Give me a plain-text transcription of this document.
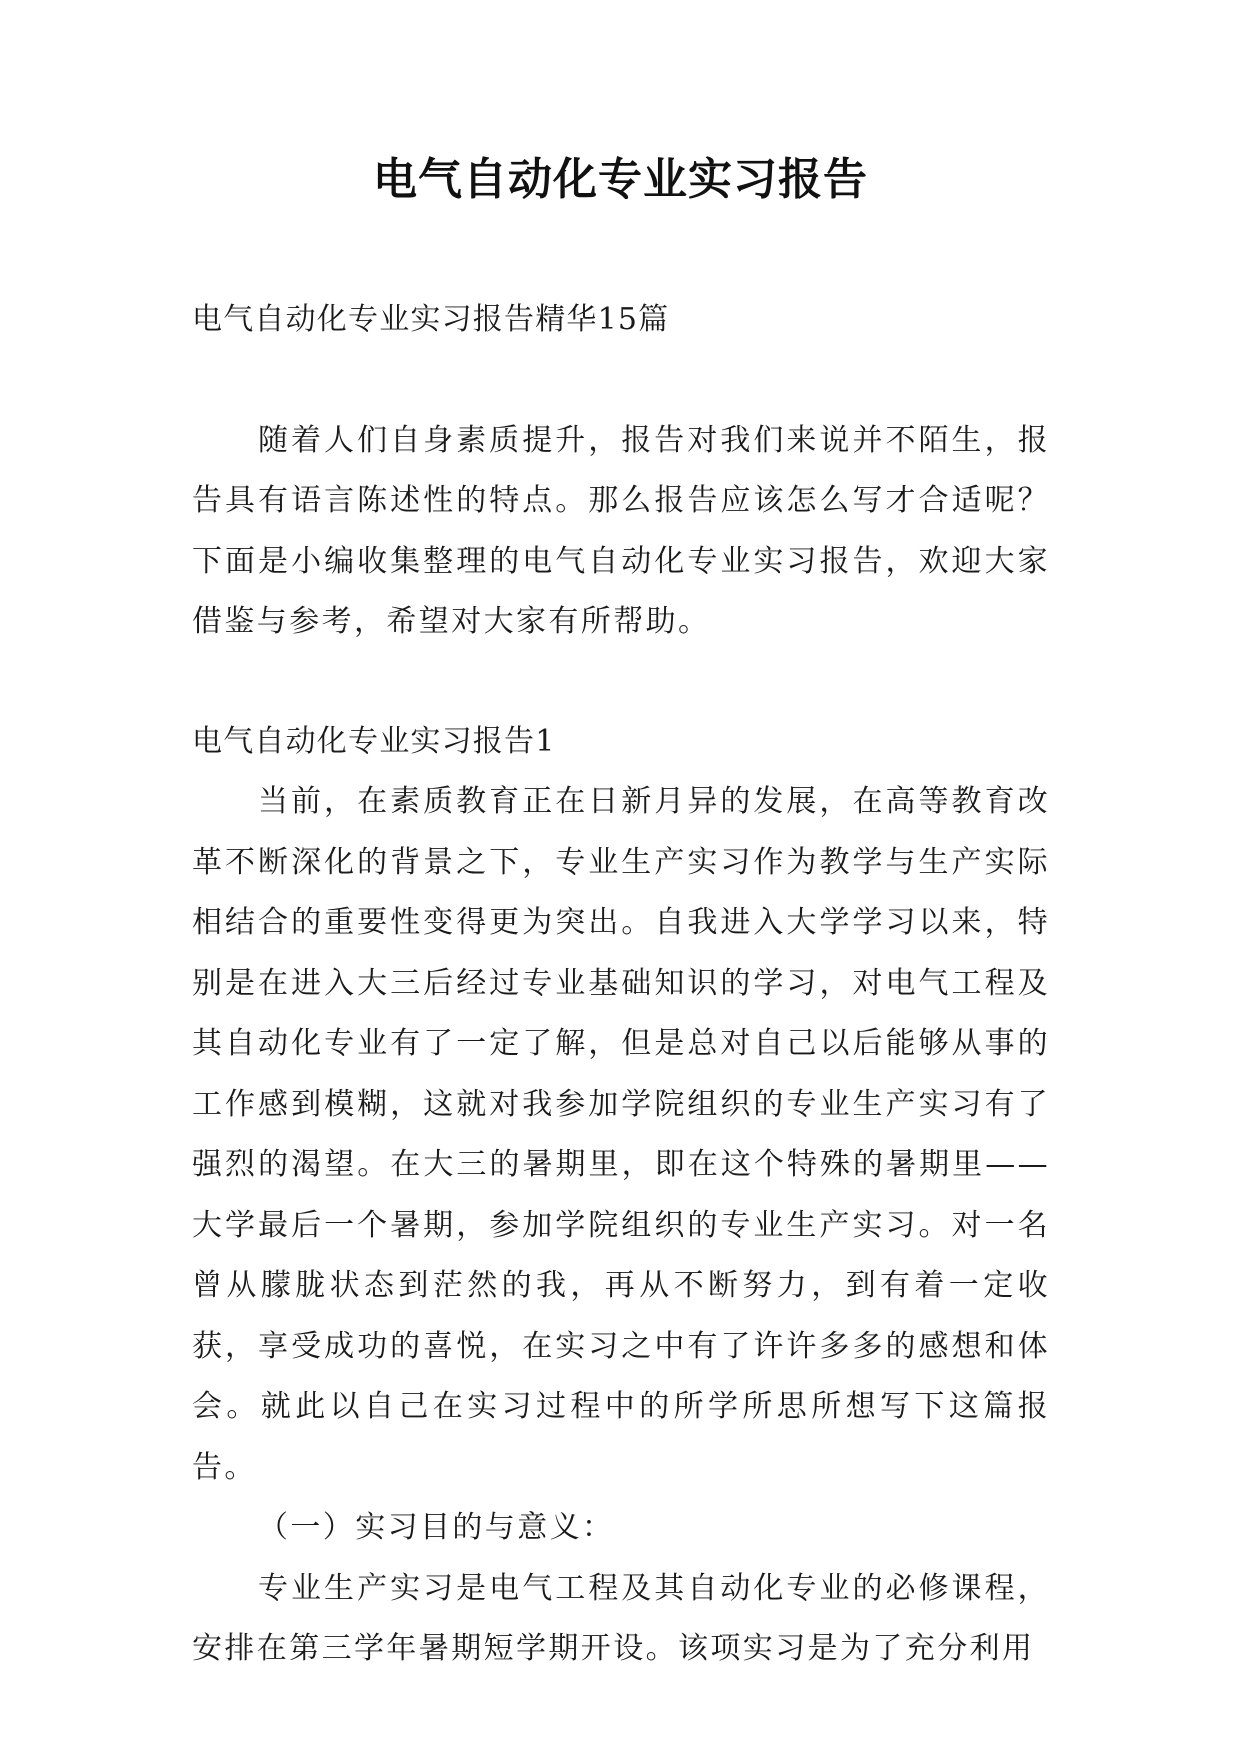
电气自动化专业实习报告

电气自动化专业实习报告精华15篇

随着人们自身素质提升，报告对我们来说并不陌生，报告具有语言陈述性的特点。那么报告应该怎么写才合适呢？下面是小编收集整理的电气自动化专业实习报告，欢迎大家借鉴与参考，希望对大家有所帮助。

电气自动化专业实习报告1

当前，在素质教育正在日新月异的发展，在高等教育改革不断深化的背景之下，专业生产实习作为教学与生产实际相结合的重要性变得更为突出。自我进入大学学习以来，特别是在进入大三后经过专业基础知识的学习，对电气工程及其自动化专业有了一定了解，但是总对自己以后能够从事的工作感到模糊，这就对我参加学院组织的专业生产实习有了强烈的渴望。在大三的暑期里，即在这个特殊的暑期里——大学最后一个暑期，参加学院组织的专业生产实习。对一名曾从朦胧状态到茫然的我，再从不断努力，到有着一定收获，享受成功的喜悦，在实习之中有了许许多多的感想和体会。就此以自己在实习过程中的所学所思所想写下这篇报告。

（一）实习目的与意义：

专业生产实习是电气工程及其自动化专业的必修课程，安排在第三学年暑期短学期开设。该项实习是为了充分利用
